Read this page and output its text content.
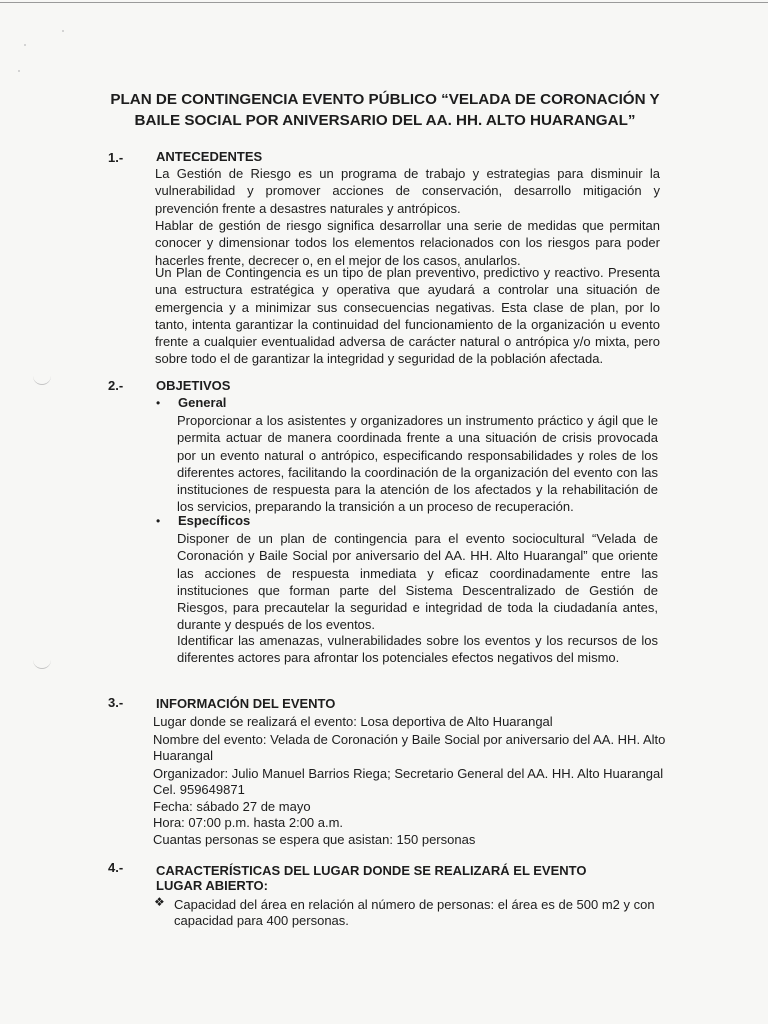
PLAN DE CONTINGENCIA EVENTO PÚBLICO “VELADA DE CORONACIÓN Y
BAILE SOCIAL POR ANIVERSARIO DEL AA. HH. ALTO HUARANGAL”
1.-	ANTECEDENTES

La Gestión de Riesgo es un programa de trabajo y estrategias para disminuir la vulnerabilidad y promover acciones de conservación, desarrollo mitigación y prevención frente a desastres naturales y antrópicos.

Hablar de gestión de riesgo significa desarrollar una serie de medidas que permitan conocer y dimensionar todos los elementos relacionados con los riesgos para poder hacerles frente, decrecer o, en el mejor de los casos, anularlos.

Un Plan de Contingencia es un tipo de plan preventivo, predictivo y reactivo. Presenta una estructura estratégica y operativa que ayudará a controlar una situación de emergencia y a minimizar sus consecuencias negativas. Esta clase de plan, por lo tanto, intenta garantizar la continuidad del funcionamiento de la organización u evento frente a cualquier eventualidad adversa de carácter natural o antrópica y/o mixta, pero sobre todo el de garantizar la integridad y seguridad de la población afectada.

2.-	OBJETIVOS
• General

Proporcionar a los asistentes y organizadores un instrumento práctico y ágil que le permita actuar de manera coordinada frente a una situación de crisis provocada por un evento natural o antrópico, especificando responsabilidades y roles de los diferentes actores, facilitando la coordinación de la organización del evento con las instituciones de respuesta para la atención de los afectados y la rehabilitación de los servicios, preparando la transición a un proceso de recuperación.

• Específicos

Disponer de un plan de contingencia para el evento sociocultural “Velada de Coronación y Baile Social por aniversario del AA. HH. Alto Huarangal” que oriente las acciones de respuesta inmediata y eficaz coordinadamente entre las instituciones que forman parte del Sistema Descentralizado de Gestión de Riesgos, para precautelar la seguridad e integridad de toda la ciudadanía antes, durante y después de los eventos.

Identificar las amenazas, vulnerabilidades sobre los eventos y los recursos de los diferentes actores para afrontar los potenciales efectos negativos del mismo.

3.-	INFORMACIÓN DEL EVENTO
Lugar donde se realizará el evento: Losa deportiva de Alto Huarangal
Nombre del evento: Velada de Coronación y Baile Social por aniversario del AA. HH. Alto
Huarangal
Organizador: Julio Manuel Barrios Riega; Secretario General del AA. HH. Alto Huarangal
Cel. 959649871
Fecha: sábado 27 de mayo
Hora: 07:00 p.m. hasta 2:00 a.m.
Cuantas personas se espera que asistan: 150 personas
4.-	CARACTERÍSTICAS DEL LUGAR DONDE SE REALIZARÁ EL EVENTO
LUGAR ABIERTO:
❖ Capacidad del área en relación al número de personas: el área es de 500 m2 y con
capacidad para 400 personas.
